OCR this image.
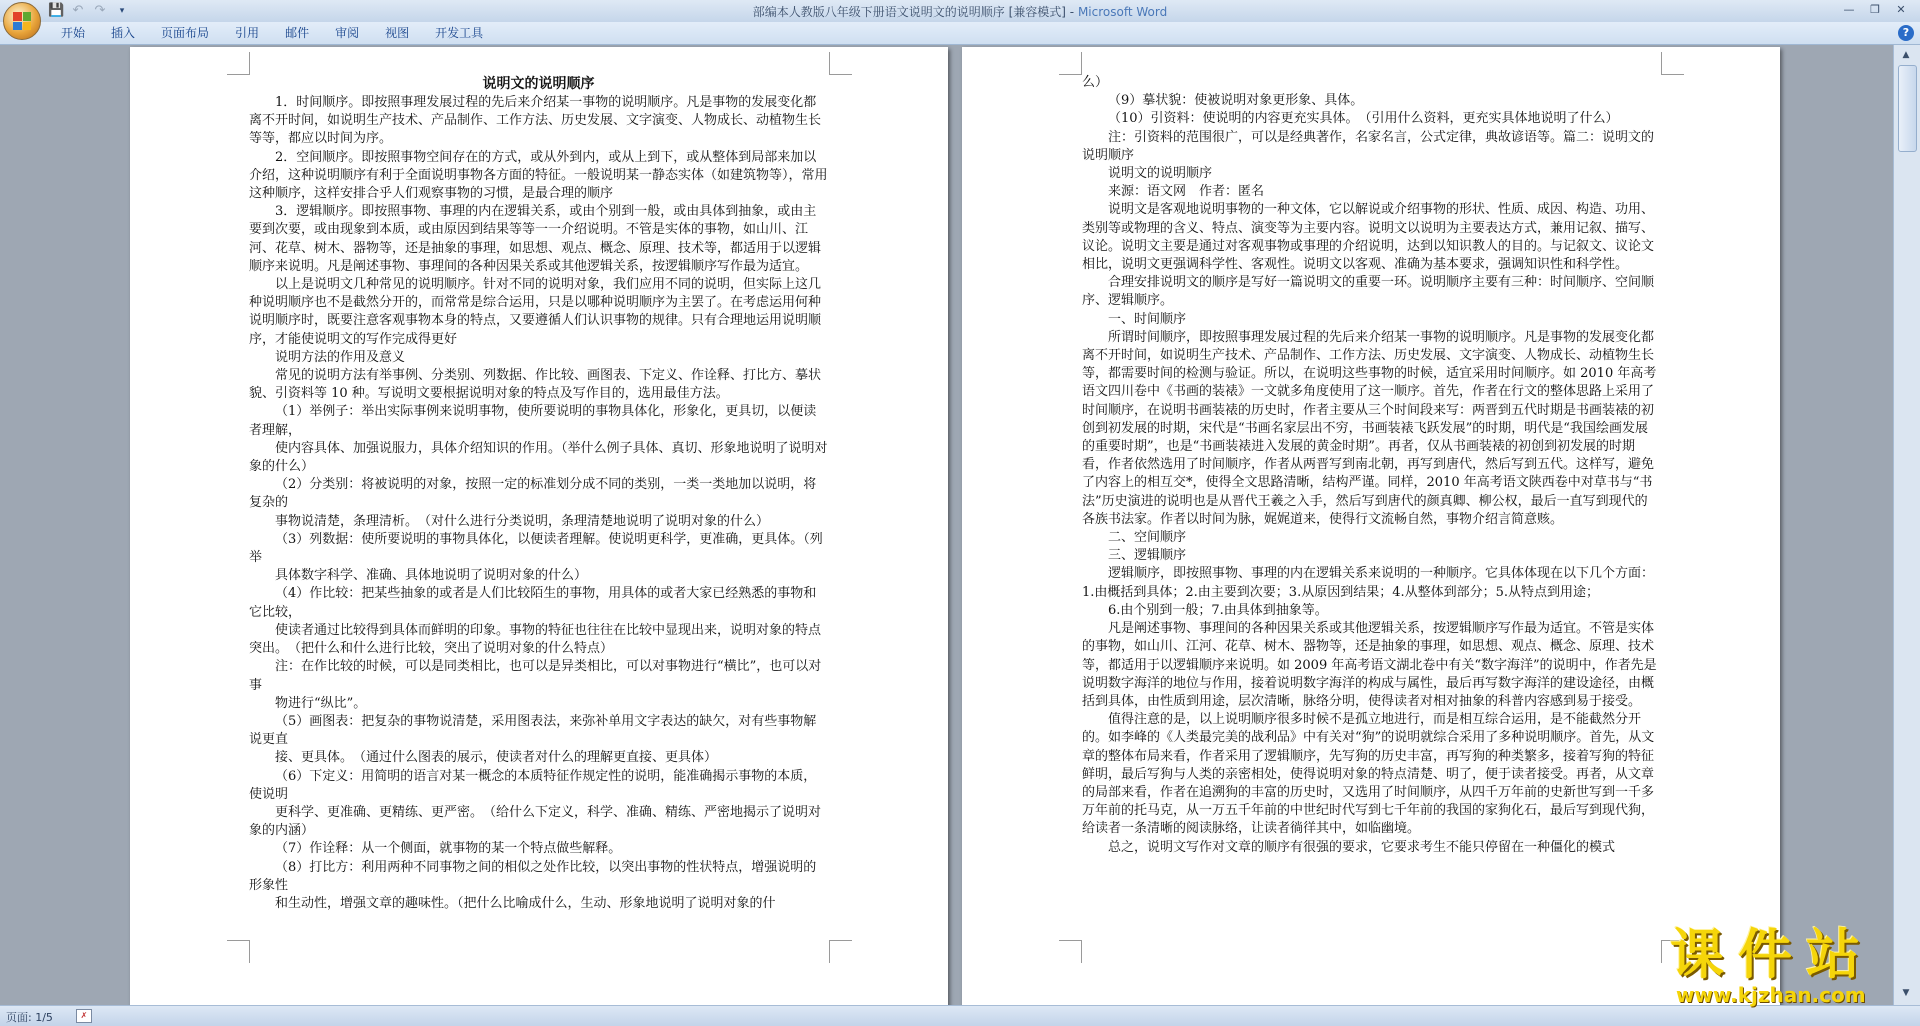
💾 ↶ ↷	▾	部编本人教版八年级下册语文说明文的说明顺序 [兼容模式] - Microsoft Word	—	❐	✕
开始	插入	页面布局	引用	邮件	审阅	视图	开发工具	?
说明文的说明顺序

1．时间顺序。即按照事理发展过程的先后来介绍某一事物的说明顺序。凡是事物的发展变化都离不开时间，如说明生产技术、产品制作、工作方法、历史发展、文字演变、人物成长、动植物生长等等，都应以时间为序。

2．空间顺序。即按照事物空间存在的方式，或从外到内，或从上到下，或从整体到局部来加以介绍，这种说明顺序有利于全面说明事物各方面的特征。一般说明某一静态实体（如建筑物等），常用这种顺序，这样安排合乎人们观察事物的习惯，是最合理的顺序

3．逻辑顺序。即按照事物、事理的内在逻辑关系，或由个别到一般，或由具体到抽象，或由主要到次要，或由现象到本质，或由原因到结果等等一一介绍说明。不管是实体的事物，如山川、江河、花草、树木、器物等，还是抽象的事理，如思想、观点、概念、原理、技术等，都适用于以逻辑顺序来说明。凡是阐述事物、事理间的各种因果关系或其他逻辑关系，按逻辑顺序写作最为适宜。

以上是说明文几种常见的说明顺序。针对不同的说明对象，我们应用不同的说明，但实际上这几种说明顺序也不是截然分开的，而常常是综合运用，只是以哪种说明顺序为主罢了。在考虑运用何种说明顺序时，既要注意客观事物本身的特点，又要遵循人们认识事物的规律。只有合理地运用说明顺序，才能使说明文的写作完成得更好

说明方法的作用及意义

常见的说明方法有举事例、分类别、列数据、作比较、画图表、下定义、作诠释、打比方、摹状貌、引资料等 10 种。写说明文要根据说明对象的特点及写作目的，选用最佳方法。

（1）举例子：举出实际事例来说明事物，使所要说明的事物具体化，形象化，更具切，以便读者理解，

使内容具体、加强说服力，具体介绍知识的作用。（举什么例子具体、真切、形象地说明了说明对象的什么）

（2）分类别：将被说明的对象，按照一定的标准划分成不同的类别，一类一类地加以说明，将复杂的

事物说清楚，条理清析。　（对什么进行分类说明，条理清楚地说明了说明对象的什么）

（3）列数据：使所要说明的事物具体化，以便读者理解。使说明更科学，更准确，更具体。（列举

具体数字科学、准确、具体地说明了说明对象的什么）

（4）作比较：把某些抽象的或者是人们比较陌生的事物，用具体的或者大家已经熟悉的事物和它比较，

使读者通过比较得到具体而鲜明的印象。事物的特征也往往在比较中显现出来，说明对象的特点突出。　（把什么和什么进行比较，突出了说明对象的什么特点）

注：在作比较的时候，可以是同类相比，也可以是异类相比，可以对事物进行“横比”，也可以对事

物进行“纵比”。

（5）画图表：把复杂的事物说清楚，采用图表法，来弥补单用文字表达的缺欠，对有些事物解说更直

接、更具体。　（通过什么图表的展示，使读者对什么的理解更直接、更具体）

（6）下定义：用简明的语言对某一概念的本质特征作规定性的说明，能准确揭示事物的本质，使说明

更科学、更准确、更精练、更严密。　（给什么下定义，科学、准确、精练、严密地揭示了说明对象的内涵）

（7）作诠释：从一个侧面，就事物的某一个特点做些解释。

（8）打比方：利用两种不同事物之间的相似之处作比较，以突出事物的性状特点，增强说明的形象性

和生动性，增强文章的趣味性。（把什么比喻成什么，生动、形象地说明了说明对象的什

么）

（9）摹状貌：使被说明对象更形象、具体。

（10）引资料：使说明的内容更充实具体。　（引用什么资料，更充实具体地说明了什么）

注：引资料的范围很广，可以是经典著作，名家名言，公式定律，典故谚语等。篇二：说明文的说明顺序

说明文的说明顺序

来源：语文网　作者：匿名

说明文是客观地说明事物的一种文体，它以解说或介绍事物的形状、性质、成因、构造、功用、类别等或物理的含义、特点、演变等为主要内容。说明文以说明为主要表达方式，兼用记叙、描写、议论。说明文主要是通过对客观事物或事理的介绍说明，达到以知识教人的目的。与记叙文、议论文相比，说明文更强调科学性、客观性。说明文以客观、准确为基本要求，强调知识性和科学性。

合理安排说明文的顺序是写好一篇说明文的重要一环。说明顺序主要有三种：时间顺序、空间顺序、逻辑顺序。

一、时间顺序

所谓时间顺序，即按照事理发展过程的先后来介绍某一事物的说明顺序。凡是事物的发展变化都离不开时间，如说明生产技术、产品制作、工作方法、历史发展、文字演变、人物成长、动植物生长等，都需要时间的检测与验证。所以，在说明这些事物的时候，适宜采用时间顺序。如 2010 年高考语文四川卷中《书画的装裱》一文就多角度使用了这一顺序。首先，作者在行文的整体思路上采用了时间顺序，在说明书画装裱的历史时，作者主要从三个时间段来写：两晋到五代时期是书画装裱的初创到初发展的时期，宋代是“书画名家层出不穷，书画装裱飞跃发展”的时期，明代是“我国绘画发展的重要时期”，也是“书画装裱进入发展的黄金时期”。再者，仅从书画装裱的初创到初发展的时期看，作者依然选用了时间顺序，作者从两晋写到南北朝，再写到唐代，然后写到五代。这样写，避免了内容上的相互交*，使得全文思路清晰，结构严谨。同样，2010 年高考语文陕西卷中对草书与“书法”历史演进的说明也是从晋代王羲之入手，然后写到唐代的颜真卿、柳公权，最后一直写到现代的各族书法家。作者以时间为脉，娓娓道来，使得行文流畅自然，事物介绍言简意赅。

二、空间顺序

三、逻辑顺序

逻辑顺序，即按照事物、事理的内在逻辑关系来说明的一种顺序。它具体体现在以下几个方面：1.由概括到具体；2.由主要到次要；3.从原因到结果；4.从整体到部分；5.从特点到用途；

6.由个别到一般；7.由具体到抽象等。

凡是阐述事物、事理间的各种因果关系或其他逻辑关系，按逻辑顺序写作最为适宜。不管是实体的事物，如山川、江河、花草、树木、器物等，还是抽象的事理，如思想、观点、概念、原理、技术等，都适用于以逻辑顺序来说明。如 2009 年高考语文湖北卷中有关“数字海洋”的说明中，作者先是说明数字海洋的地位与作用，接着说明数字海洋的构成与属性，最后再写数字海洋的建设途径，由概括到具体，由性质到用途，层次清晰，脉络分明，使得读者对相对抽象的科普内容感到易于接受。

值得注意的是，以上说明顺序很多时候不是孤立地进行，而是相互综合运用，是不能截然分开的。如李峰的《人类最完美的战利品》中有关对“狗”的说明就综合采用了多种说明顺序。首先，从文章的整体布局来看，作者采用了逻辑顺序，先写狗的历史丰富，再写狗的种类繁多，接着写狗的特征鲜明，最后写狗与人类的亲密相处，使得说明对象的特点清楚、明了，便于读者接受。再者，从文章的局部来看，作者在追溯狗的丰富的历史时，又选用了时间顺序，从四千万年前的史新世写到一千多万年前的托马克，从一万五千年前的中世纪时代写到七千年前的我国的家狗化石，最后写到现代狗，给读者一条清晰的阅读脉络，让读者徜徉其中，如临幽境。

总之，说明文写作对文章的顺序有很强的要求，它要求考生不能只停留在一种僵化的模式

▲
▼
页面: 1/5	✗
课件站
www.kjzhan.com
